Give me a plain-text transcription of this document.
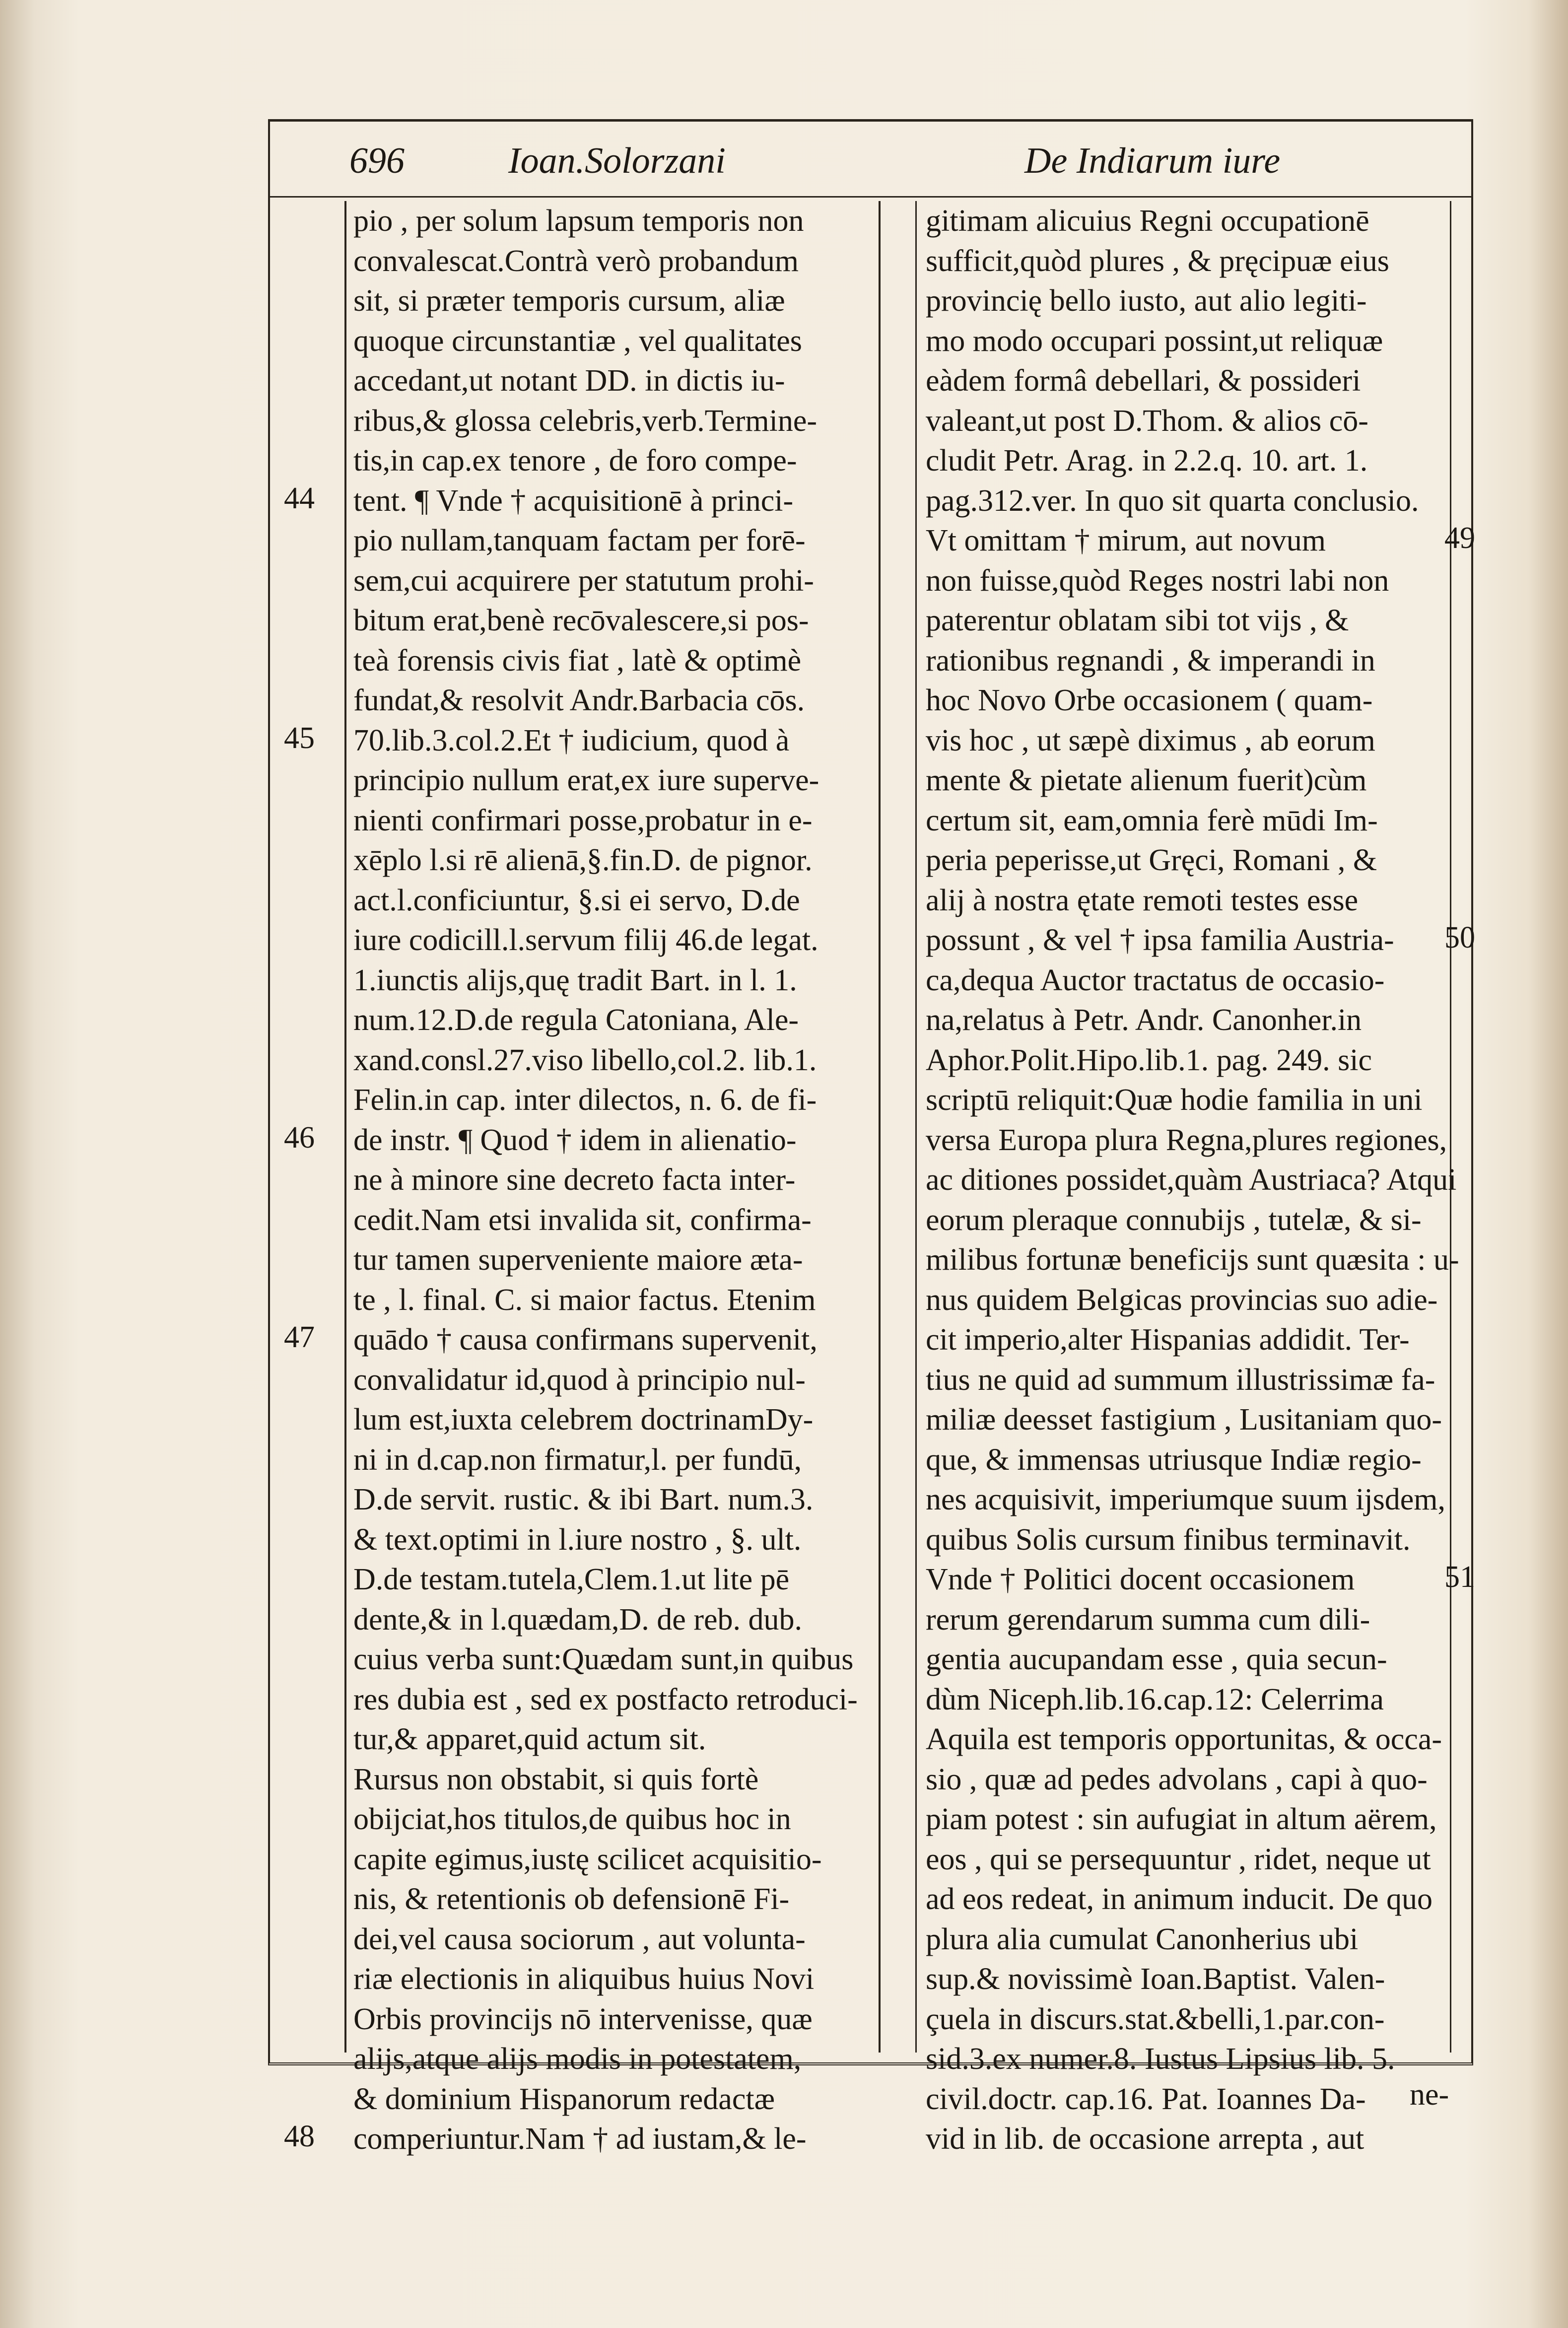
696	Ioan.Solorzani	De Indiarum iure
pio , per solum lapsum temporis non
convalescat.Contrà verò probandum
sit, si præter temporis cursum, aliæ
quoque circunstantiæ , vel qualitates
accedant,ut notant DD. in dictis iu-
ribus,& glossa celebris,verb.Terminе-
tis,in cap.ex tenore , de foro compe-
tent. ¶ Vnde † acquisitionē à princi-
pio nullam,tanquam factam per forē-
sem,cui acquirere per statutum prohi-
bitum erat,benè recōvalescere,si pos-
teà forensis civis fiat , latè & optimè
fundat,& resolvit Andr.Barbacia cōs.
70.lib.3.col.2.Et † iudicium, quod à
principio nullum erat,ex iure superve-
nienti confirmari posse,probatur in e-
xēplo l.si rē alienā,§.fin.D. de pignor.
act.l.conficiuntur, §.si ei servo, D.de
iure codicill.l.servum filij 46.de legat.
1.iunctis alijs,quę tradit Bart. in l. 1.
num.12.D.de regula Catoniana, Ale-
xand.consl.27.viso libello,col.2. lib.1.
Felin.in cap. inter dilectos, n. 6. de fi-
de instr. ¶ Quod † idem in alienatio-
ne à minore sine decreto facta inter-
cedit.Nam etsi invalida sit, confirma-
tur tamen superveniente maiore æta-
te , l. final. C. si maior factus. Etenim
quādo † causa confirmans supervenit,
convalidatur id,quod à principio nul-
lum est,iuxta celebrem doctrinamDy-
ni in d.cap.non firmatur,l. per fundū,
D.de servit. rustic. & ibi Bart. num.3.
& text.optimi in l.iure nostro , §. ult.
D.de testam.tutela,Clem.1.ut lite pē
dente,& in l.quædam,D. de reb. dub.
cuius verba sunt:Quædam sunt,in quibus
res dubia est , sed ex postfacto retroduci-
tur,& apparet,quid actum sit.
Rursus non obstabit, si quis fortè
obijciat,hos titulos,de quibus hoc in
capite egimus,iustę scilicet acquisitio-
nis, & retentionis ob defensionē Fi-
dei,vel causa sociorum , aut volunta-
riæ electionis in aliquibus huius Novi
Orbis provincijs nō intervenisse, quæ
alijs,atque alijs modis in potestatem,
& dominium Hispanorum redactæ
comperiuntur.Nam † ad iustam,& le-
gitimam alicuius Regni occupationē
sufficit,quòd plures , & pręcipuæ eius
provincię bello iusto, aut alio legiti-
mo modo occupari possint,ut reliquæ
eàdem formâ debellari, & possideri
valeant,ut post D.Thom. & alios cō-
cludit Petr. Arag. in 2.2.q. 10. art. 1.
pag.312.ver. In quo sit quarta conclusio.
Vt omittam † mirum, aut novum
non fuisse,quòd Reges nostri labi non
paterentur oblatam sibi tot vijs , &
rationibus regnandi , & imperandi in
hoc Novo Orbe occasionem ( quam-
vis hoc , ut sæpè diximus , ab eorum
mente & pietate alienum fuerit)cùm
certum sit, eam,omnia ferè mūdi Im-
peria peperisse,ut Gręci, Romani , &
alij à nostra ętate remoti testes esse
possunt , & vel † ipsa familia Austria-
ca,dequa Auctor tractatus de occasio-
na,relatus à Petr. Andr. Canonher.in
Aphor.Polit.Hipo.lib.1. pag. 249. sic
scriptū reliquit:Quæ hodie familia in uni
versa Europa plura Regna,plures regiones,
ac ditiones possidet,quàm Austriaca? Atqui
eorum pleraque connubijs , tutelæ, & si-
milibus fortunæ beneficijs sunt quæsita : u-
nus quidem Belgicas provincias suo adie-
cit imperio,alter Hispanias addidit. Ter-
tius ne quid ad summum illustrissimæ fa-
miliæ deesset fastigium , Lusitaniam quo-
que, & immensas utriusque Indiæ regio-
nes acquisivit, imperiumque suum ijsdem,
quibus Solis cursum finibus terminavit.
Vnde † Politici docent occasionem
rerum gerendarum summa cum dili-
gentia aucupandam esse , quia secun-
dùm Niceph.lib.16.cap.12: Celerrima
Aquila est temporis opportunitas, & occa-
sio , quæ ad pedes advolans , capi à quo-
piam potest : sin aufugiat in altum aërem,
eos , qui se persequuntur , ridet, neque ut
ad eos redeat, in animum inducit. De quo
plura alia cumulat Canonherius ubi
sup.& novissimè Ioan.Baptist. Valen-
çuela in discurs.stat.&belli,1.par.con-
sid.3.ex numer.8. Iustus Lipsius lib. 5.
civil.doctr. cap.16. Pat. Ioannes Da-
vid in lib. de occasione arrepta , aut
44
45
46
47
48
49
50
51
ne-
